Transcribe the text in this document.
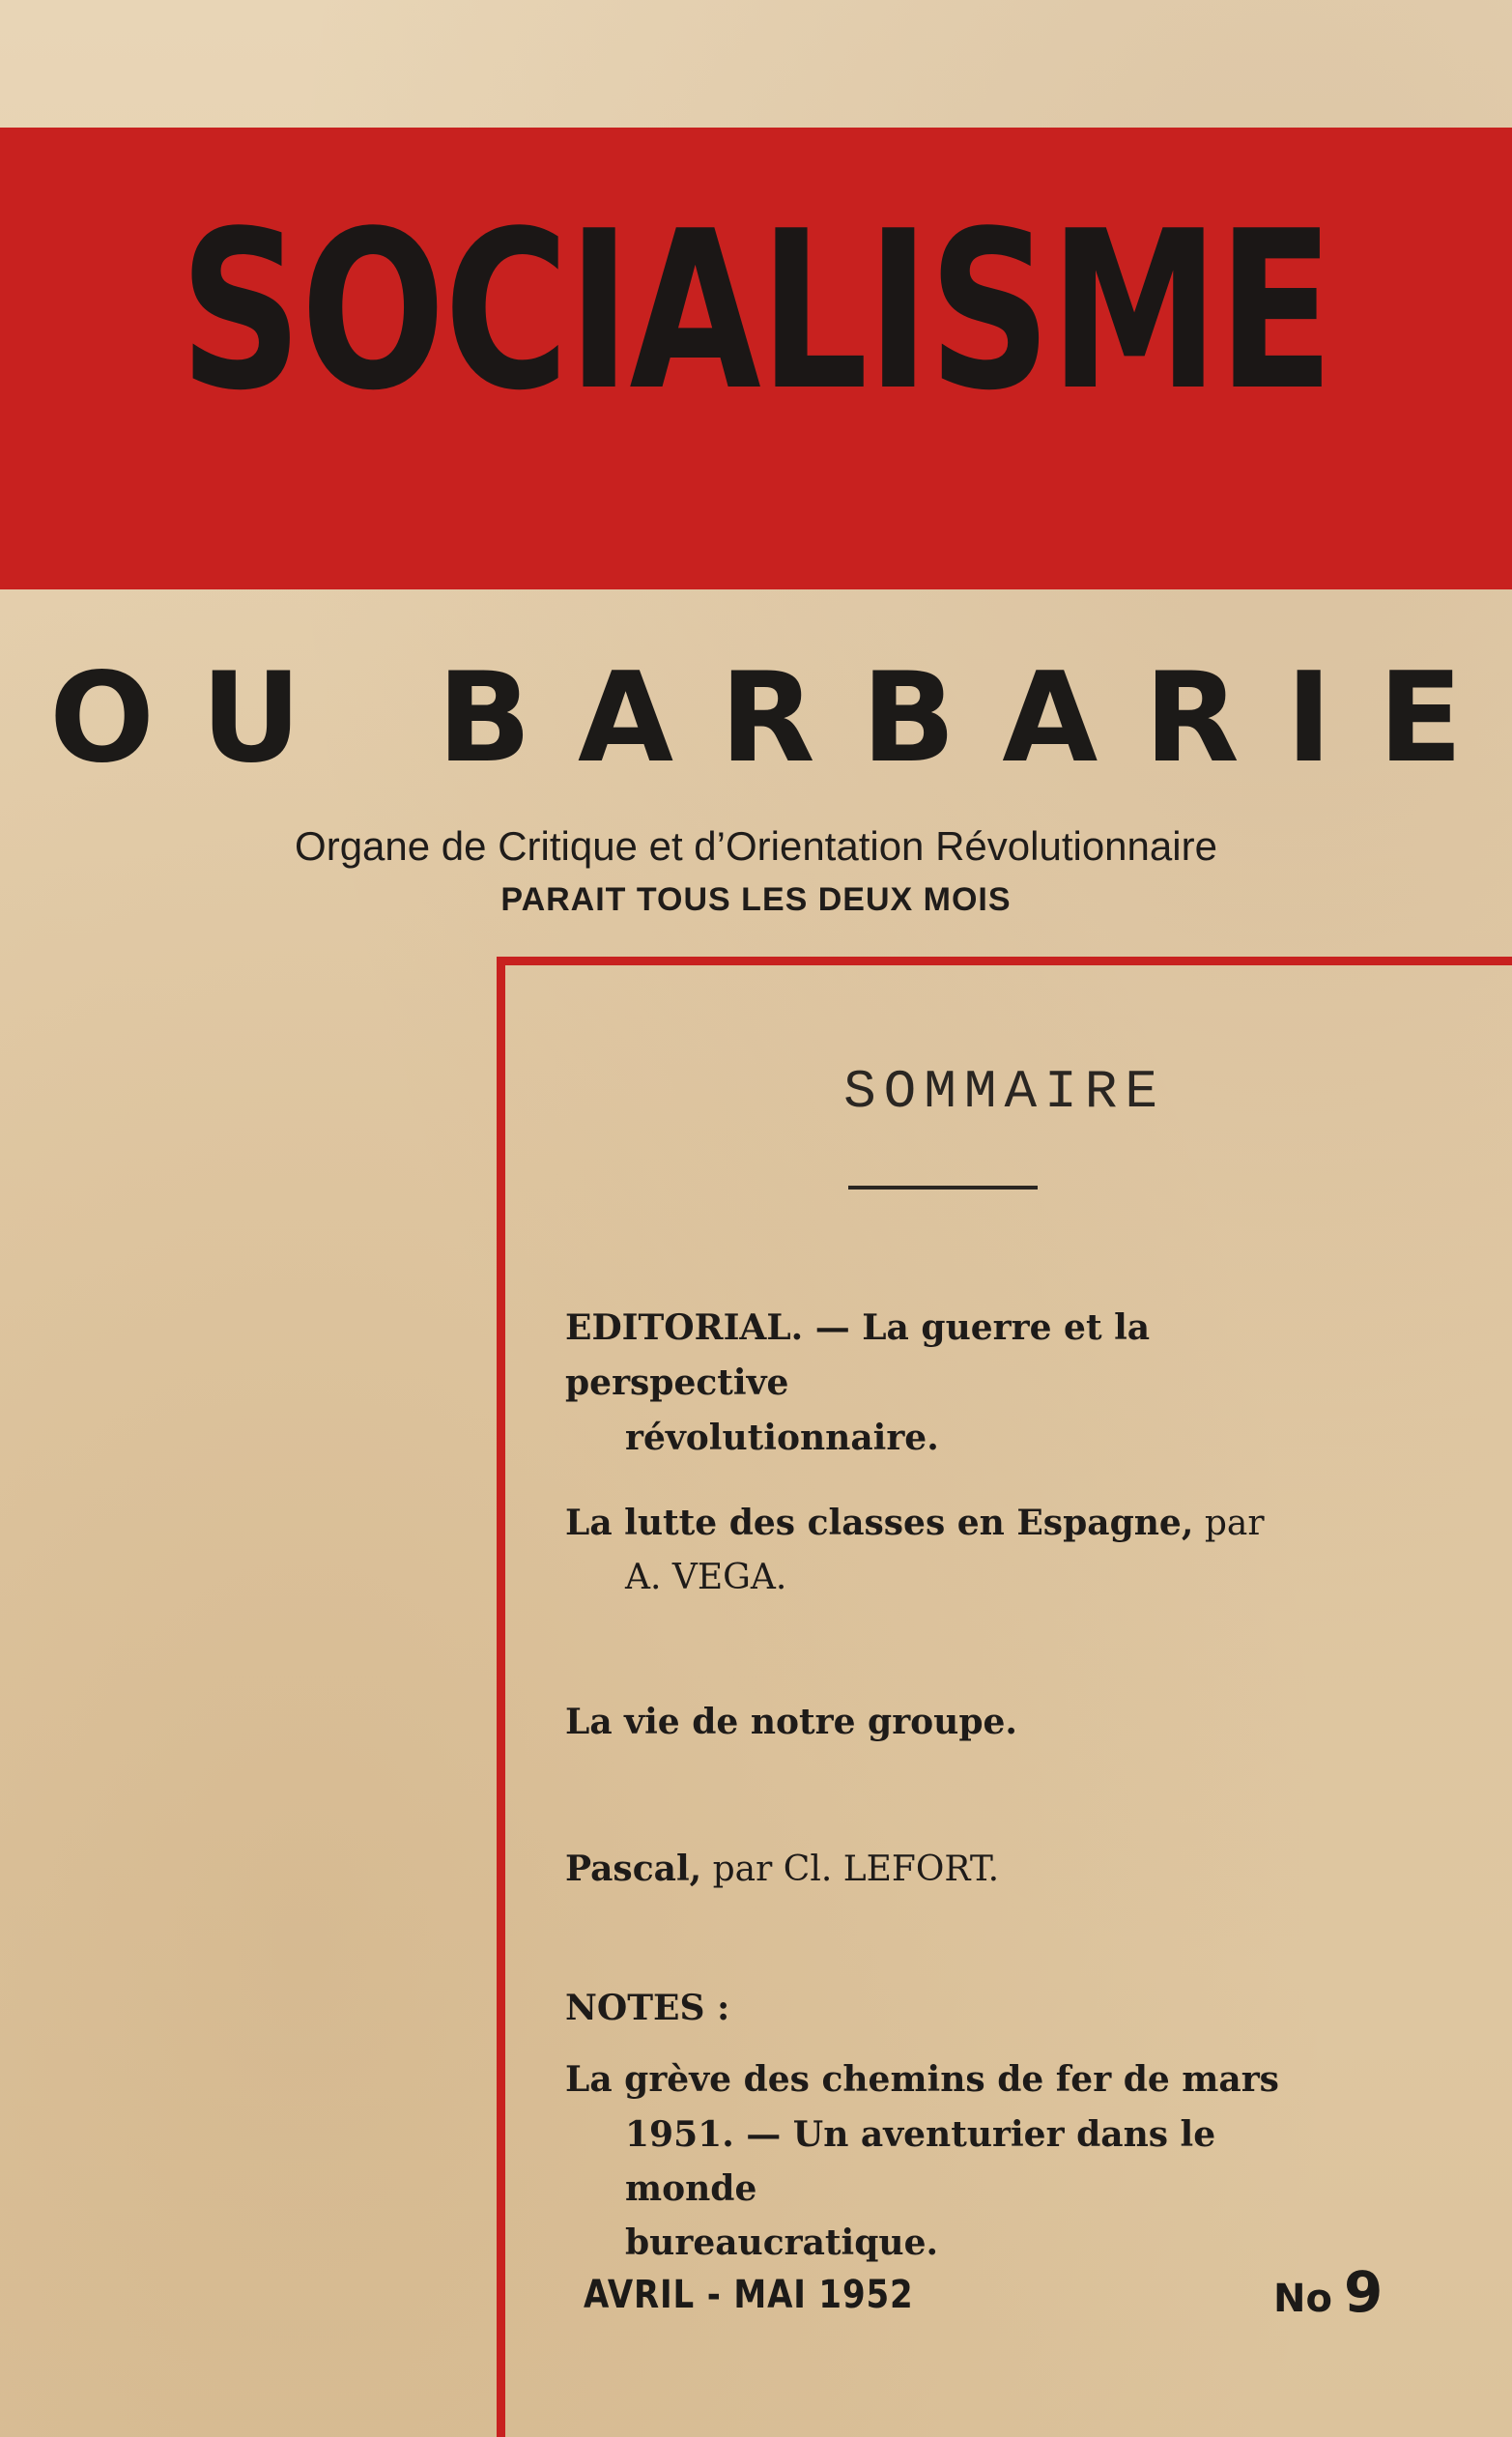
SOCIALISME
OU BARBARIE
Organe de Critique et d’Orientation Révolutionnaire
PARAIT TOUS LES DEUX MOIS
SOMMAIRE
EDITORIAL. — La guerre et la perspective
révolutionnaire.
La lutte des classes en Espagne, par
A. VEGA.
La vie de notre groupe.
Pascal, par Cl. LEFORT.
NOTES :
La grève des chemins de fer de mars
1951. — Un aventurier dans le monde
bureaucratique.
AVRIL - MAI 1952	No 9
